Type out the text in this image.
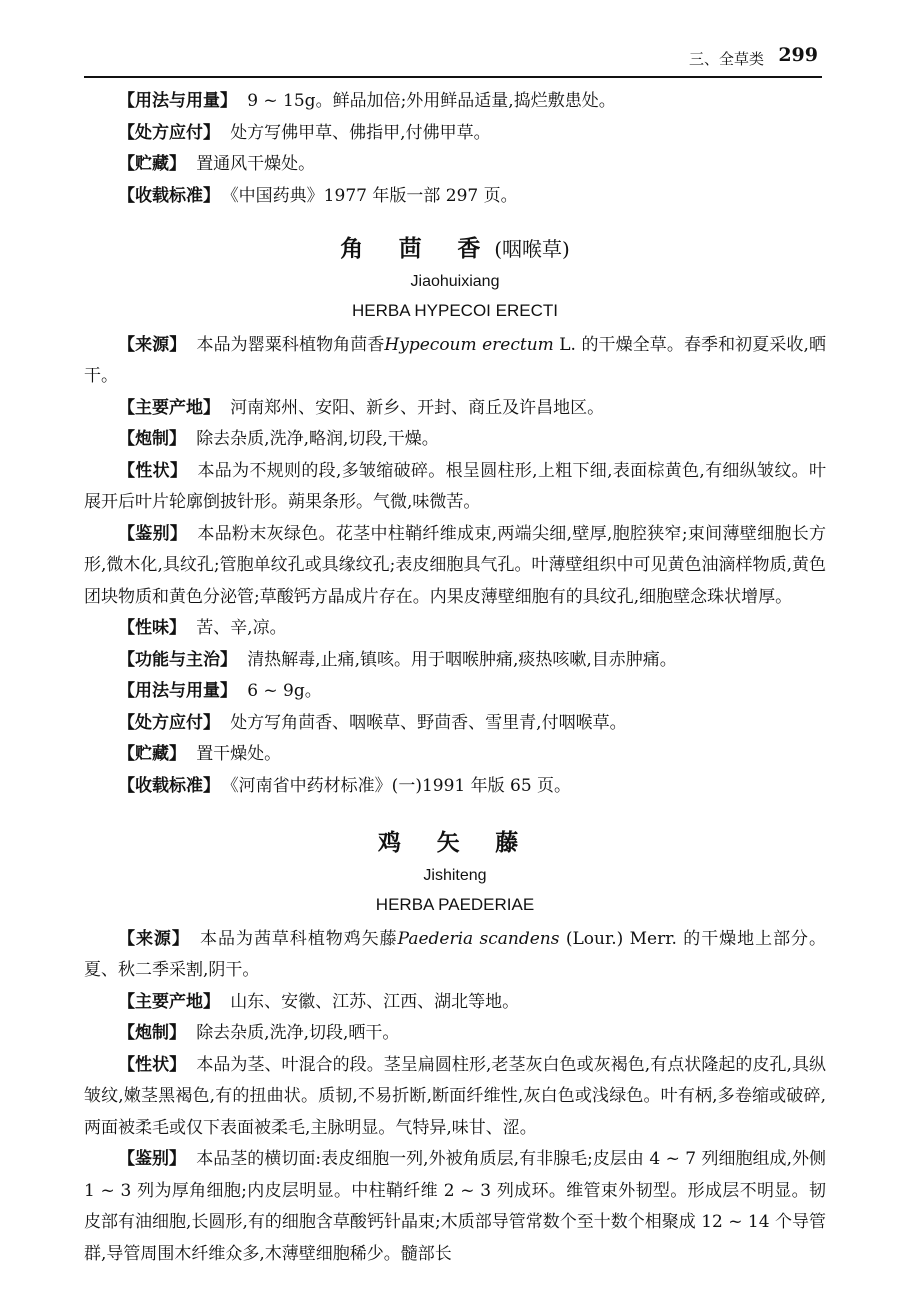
三、全草类 299

【用法与用量】 9 ~ 15g。鲜品加倍;外用鲜品适量,捣烂敷患处。

【处方应付】 处方写佛甲草、佛指甲,付佛甲草。

【贮藏】 置通风干燥处。

【收载标准】 《中国药典》1977 年版一部 297 页。

角 茴 香(咽喉草)

Jiaohuixiang

HERBA HYPECOI ERECTI

【来源】 本品为罂粟科植物角茴香Hypecoum erectum L. 的干燥全草。春季和初夏采收,晒干。

【主要产地】 河南郑州、安阳、新乡、开封、商丘及许昌地区。

【炮制】 除去杂质,洗净,略润,切段,干燥。

【性状】 本品为不规则的段,多皱缩破碎。根呈圆柱形,上粗下细,表面棕黄色,有细纵皱纹。叶展开后叶片轮廓倒披针形。蒴果条形。气微,味微苦。

【鉴别】 本品粉末灰绿色。花茎中柱鞘纤维成束,两端尖细,壁厚,胞腔狭窄;束间薄壁细胞长方形,微木化,具纹孔;管胞单纹孔或具缘纹孔;表皮细胞具气孔。叶薄壁组织中可见黄色油滴样物质,黄色团块物质和黄色分泌管;草酸钙方晶成片存在。内果皮薄壁细胞有的具纹孔,细胞壁念珠状增厚。

【性味】 苦、辛,凉。

【功能与主治】 清热解毒,止痛,镇咳。用于咽喉肿痛,痰热咳嗽,目赤肿痛。

【用法与用量】 6 ~ 9g。

【处方应付】 处方写角茴香、咽喉草、野茴香、雪里青,付咽喉草。

【贮藏】 置干燥处。

【收载标准】 《河南省中药材标准》(一)1991 年版 65 页。

鸡 矢 藤

Jishiteng

HERBA PAEDERIAE

【来源】 本品为茜草科植物鸡矢藤Paederia scandens (Lour.) Merr. 的干燥地上部分。夏、秋二季采割,阴干。

【主要产地】 山东、安徽、江苏、江西、湖北等地。

【炮制】 除去杂质,洗净,切段,晒干。

【性状】 本品为茎、叶混合的段。茎呈扁圆柱形,老茎灰白色或灰褐色,有点状隆起的皮孔,具纵皱纹,嫩茎黑褐色,有的扭曲状。质韧,不易折断,断面纤维性,灰白色或浅绿色。叶有柄,多卷缩或破碎,两面被柔毛或仅下表面被柔毛,主脉明显。气特异,味甘、涩。

【鉴别】 本品茎的横切面:表皮细胞一列,外被角质层,有非腺毛;皮层由 4 ~ 7 列细胞组成,外侧 1 ~ 3 列为厚角细胞;内皮层明显。中柱鞘纤维 2 ~ 3 列成环。维管束外韧型。形成层不明显。韧皮部有油细胞,长圆形,有的细胞含草酸钙针晶束;木质部导管常数个至十数个相聚成 12 ~ 14 个导管群,导管周围木纤维众多,木薄壁细胞稀少。髓部长
